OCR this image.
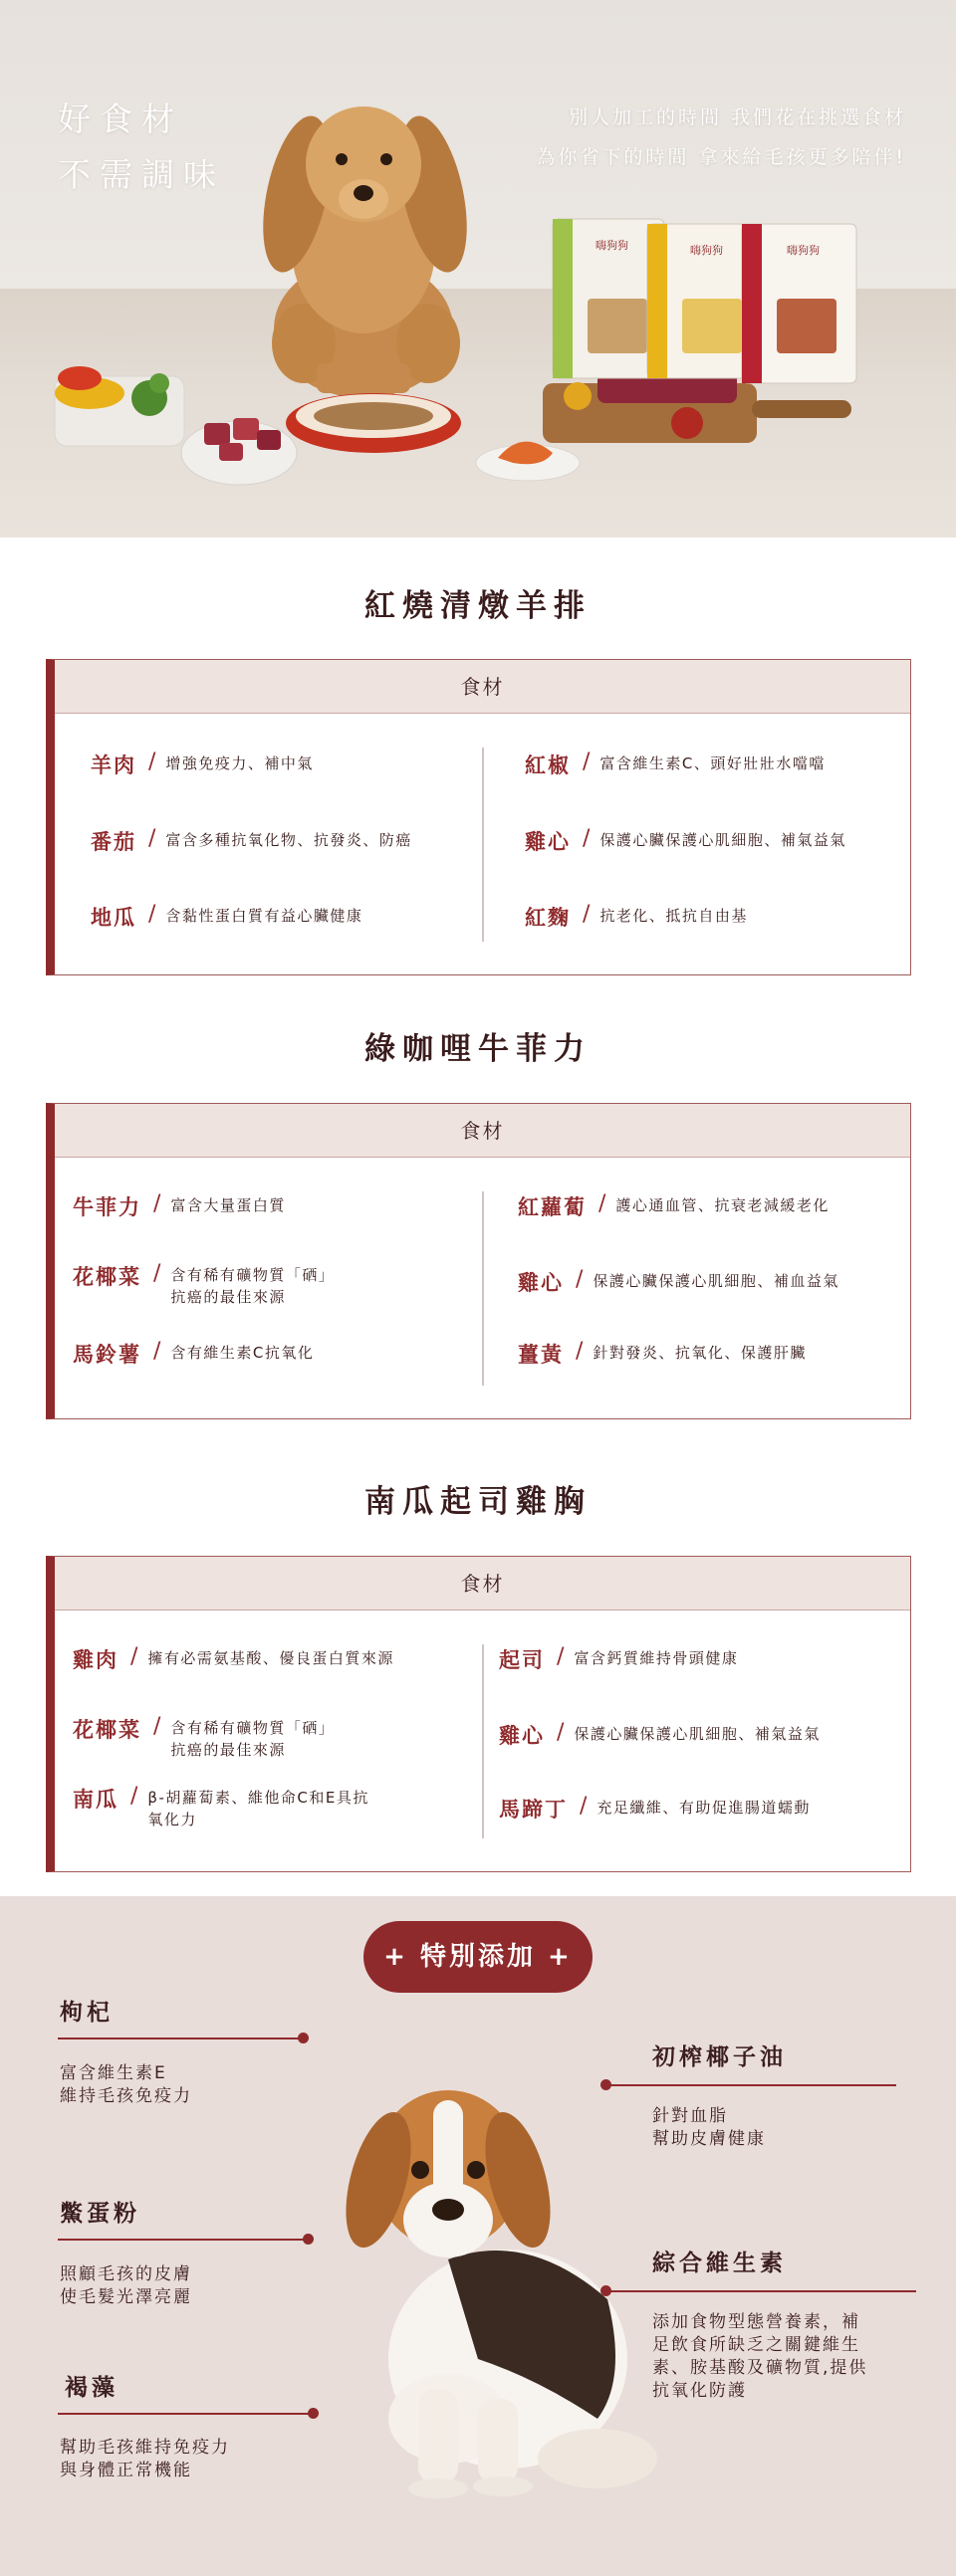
嗨狗狗	嗨狗狗	嗨狗狗
好食材
不需調味
別人加工的時間 我們花在挑選食材
為你省下的時間 拿來給毛孩更多陪伴!
紅燒清燉羊排
食材
羊肉 / 增強免疫力、補中氣
番茄 / 富含多種抗氧化物、抗發炎、防癌
地瓜 / 含黏性蛋白質有益心臟健康
紅椒 / 富含維生素C、頭好壯壯水噹噹
雞心 / 保護心臟保護心肌細胞、補氣益氣
紅麴 / 抗老化、抵抗自由基
綠咖哩牛菲力
食材
牛菲力 / 富含大量蛋白質
花椰菜 / 含有稀有礦物質「硒」
抗癌的最佳來源
馬鈴薯 / 含有維生素C抗氧化
紅蘿蔔 / 護心通血管、抗衰老減緩老化
雞心 / 保護心臟保護心肌細胞、補血益氣
薑黃 / 針對發炎、抗氧化、保護肝臟
南瓜起司雞胸
食材
雞肉 / 擁有必需氨基酸、優良蛋白質來源
花椰菜 / 含有稀有礦物質「硒」
抗癌的最佳來源
南瓜 / β-胡蘿蔔素、維他命C和E具抗
氧化力
起司 / 富含鈣質維持骨頭健康
雞心 / 保護心臟保護心肌細胞、補氣益氣
馬蹄丁 / 充足纖維、有助促進腸道蠕動
+ 特別添加 +
枸杞
富含維生素E
維持毛孩免疫力
鱉蛋粉
照顧毛孩的皮膚
使毛髮光澤亮麗
褐藻
幫助毛孩維持免疫力
與身體正常機能
初榨椰子油
針對血脂
幫助皮膚健康
綜合維生素
添加食物型態營養素，補
足飲食所缺乏之關鍵維生
素、胺基酸及礦物質,提供
抗氧化防護
